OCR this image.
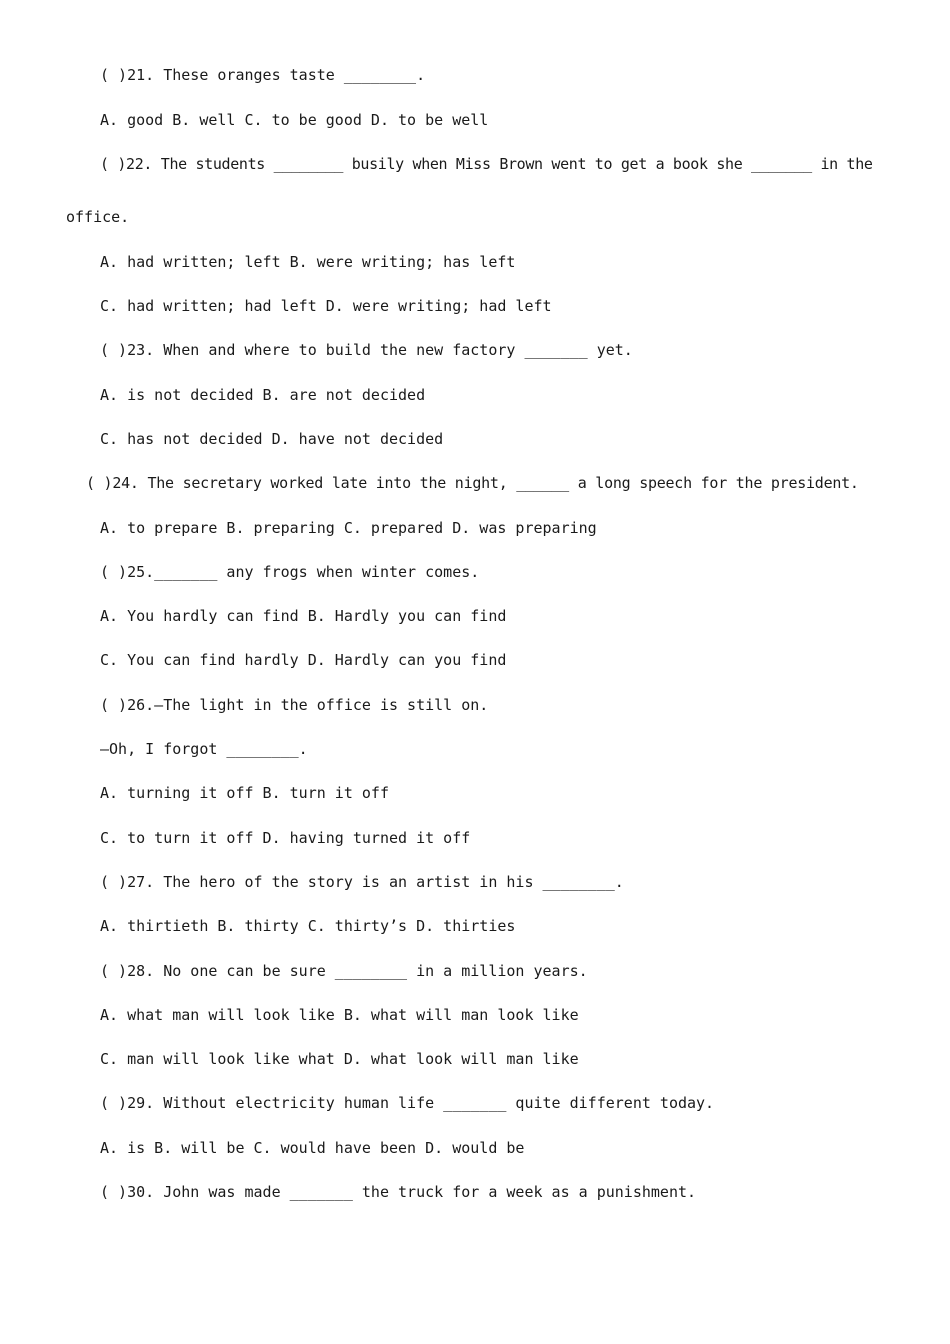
( )21. These oranges taste ________.
A. good B. well C. to be good D. to be well
( )22. The students ________ busily when Miss Brown went to get a book she _______ in the
office.
A. had written; left B. were writing; has left
C. had written; had left D. were writing; had left
( )23. When and where to build the new factory _______ yet.
A. is not decided B. are not decided
C. has not decided D. have not decided
( )24. The secretary worked late into the night, ______ a long speech for the president.
A. to prepare B. preparing C. prepared D. was preparing
( )25._______ any frogs when winter comes.
A. You hardly can find B. Hardly you can find
C. You can find hardly D. Hardly can you find
( )26.—The light in the office is still on.
—Oh, I forgot ________.
A. turning it off B. turn it off
C. to turn it off D. having turned it off
( )27. The hero of the story is an artist in his ________.
A. thirtieth B. thirty C. thirty’s D. thirties
( )28. No one can be sure ________ in a million years.
A. what man will look like B. what will man look like
C. man will look like what D. what look will man like
( )29. Without electricity human life _______ quite different today.
A. is B. will be C. would have been D. would be
( )30. John was made _______ the truck for a week as a punishment.
